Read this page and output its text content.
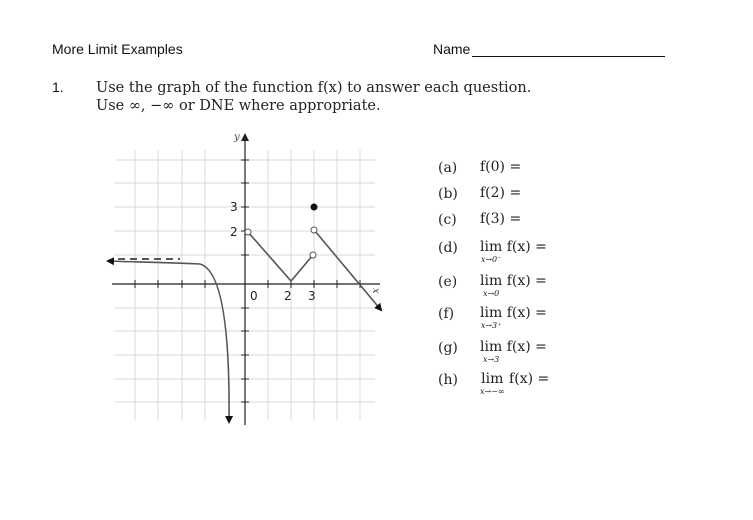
More Limit Examples	Name
1. Use the graph of the function f(x) to answer each question.
Use ∞, −∞ or DNE where appropriate.
y
x
0 2 3
3
2
(a) f(0) =
(b) f(2) =
(c) f(3) =
(d) lim
x→0⁻
f(x) =
(e) lim
x→0
f(x) =
(f) lim
x→3⁺
f(x) =
(g) lim
x→3
f(x) =
(h) lim
x→−∞
f(x) =
